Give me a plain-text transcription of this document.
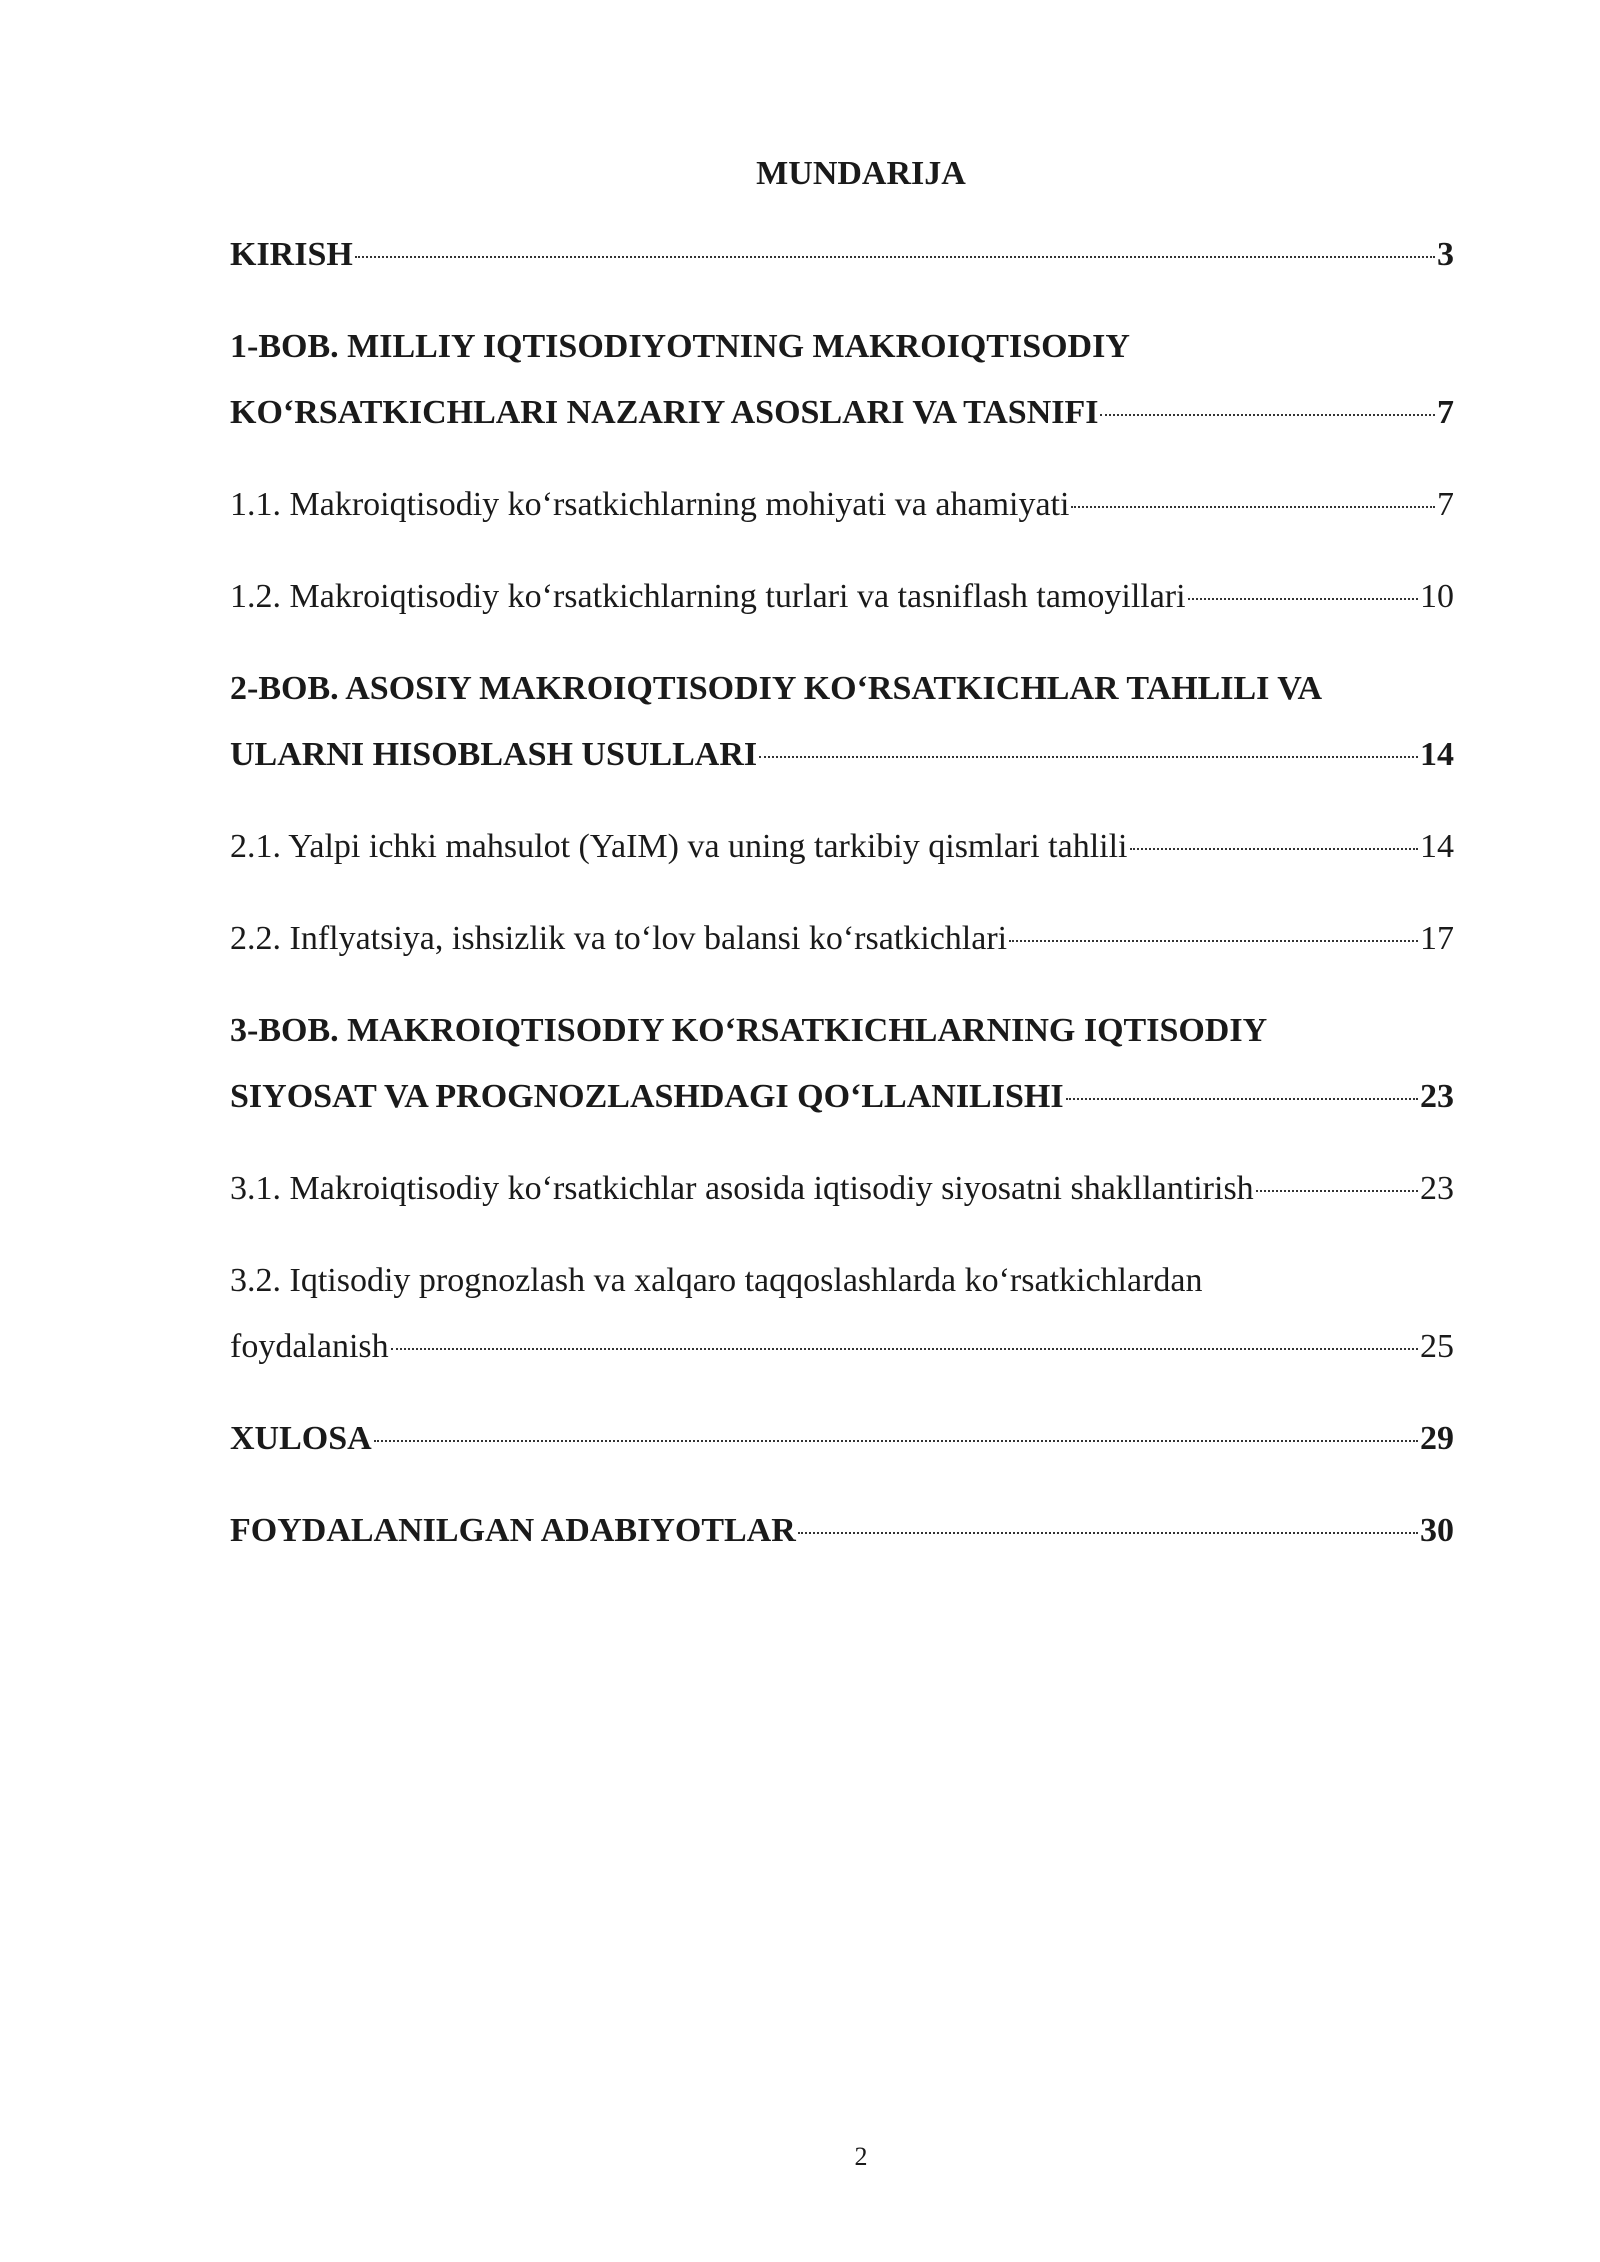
MUNDARIJA
KIRISH	3
1-BOB. MILLIY IQTISODIYOTNING MAKROIQTISODIY
KOʻRSATKICHLARI NAZARIY ASOSLARI VA TASNIFI	7
1.1. Makroiqtisodiy koʻrsatkichlarning mohiyati va ahamiyati	7
1.2. Makroiqtisodiy koʻrsatkichlarning turlari va tasniflash tamoyillari	10
2-BOB. ASOSIY MAKROIQTISODIY KOʻRSATKICHLAR TAHLILI VA
ULARNI HISOBLASH USULLARI	14
2.1. Yalpi ichki mahsulot (YaIM) va uning tarkibiy qismlari tahlili	14
2.2. Inflyatsiya, ishsizlik va toʻlov balansi koʻrsatkichlari	17
3-BOB. MAKROIQTISODIY KOʻRSATKICHLARNING IQTISODIY
SIYOSAT VA PROGNOZLASHDAGI QOʻLLANILISHI	23
3.1. Makroiqtisodiy koʻrsatkichlar asosida iqtisodiy siyosatni shakllantirish	23
3.2. Iqtisodiy prognozlash va xalqaro taqqoslashlarda koʻrsatkichlardan
foydalanish	25
XULOSA	29
FOYDALANILGAN ADABIYOTLAR	30
2
